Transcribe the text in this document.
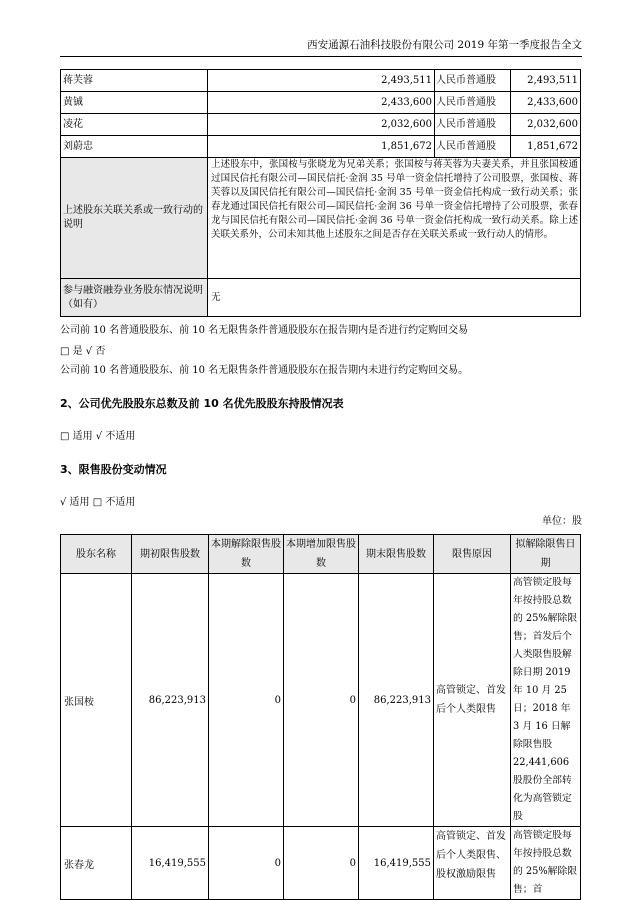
西安通源石油科技股份有限公司 2019 年第一季度报告全文
蒋芙蓉	2,493,511	人民币普通股	2,493,511
黄铖	2,433,600	人民币普通股	2,433,600
凌花	2,032,600	人民币普通股	2,032,600
刘蔚忠	1,851,672	人民币普通股	1,851,672
上述股东关联关系或一致行动的说明	上述股东中，张国桉与张晓龙为兄弟关系；张国桉与蒋芙蓉为夫妻关系，并且张国桉通过国民信托有限公司—国民信托·金润 35 号单一资金信托增持了公司股票，张国桉、蒋芙蓉以及国民信托有限公司—国民信托·金润 35 号单一资金信托构成一致行动关系；张春龙通过国民信托有限公司—国民信托·金润 36 号单一资金信托增持了公司股票，张春龙与国民信托有限公司—国民信托·金润 36 号单一资金信托构成一致行动关系。除上述关联关系外，公司未知其他上述股东之间是否存在关联关系或一致行动人的情形。		
参与融资融券业务股东情况说明（如有）	无		
公司前 10 名普通股股东、前 10 名无限售条件普通股股东在报告期内是否进行约定购回交易
□ 是 √ 否
公司前 10 名普通股股东、前 10 名无限售条件普通股股东在报告期内未进行约定购回交易。
2、公司优先股股东总数及前 10 名优先股股东持股情况表
□ 适用 √ 不适用
3、限售股份变动情况
√ 适用 □ 不适用
单位：股
股东名称	期初限售股数	本期解除限售股数	本期增加限售股数	期末限售股数	限售原因	拟解除限售日期
张国桉	86,223,913	0	0	86,223,913	高管锁定、首发后个人类限售	高管锁定股每年按持股总数的 25%解除限售；首发后个人类限售股解除日期 2019 年 10 月 25 日；2018 年 3 月 16 日解除限售股 22,441,606 股股份全部转化为高管锁定股
张春龙	16,419,555	0	0	16,419,555	高管锁定、首发后个人类限售、股权激励限售	高管锁定股每年按持股总数的 25%解除限售；首
